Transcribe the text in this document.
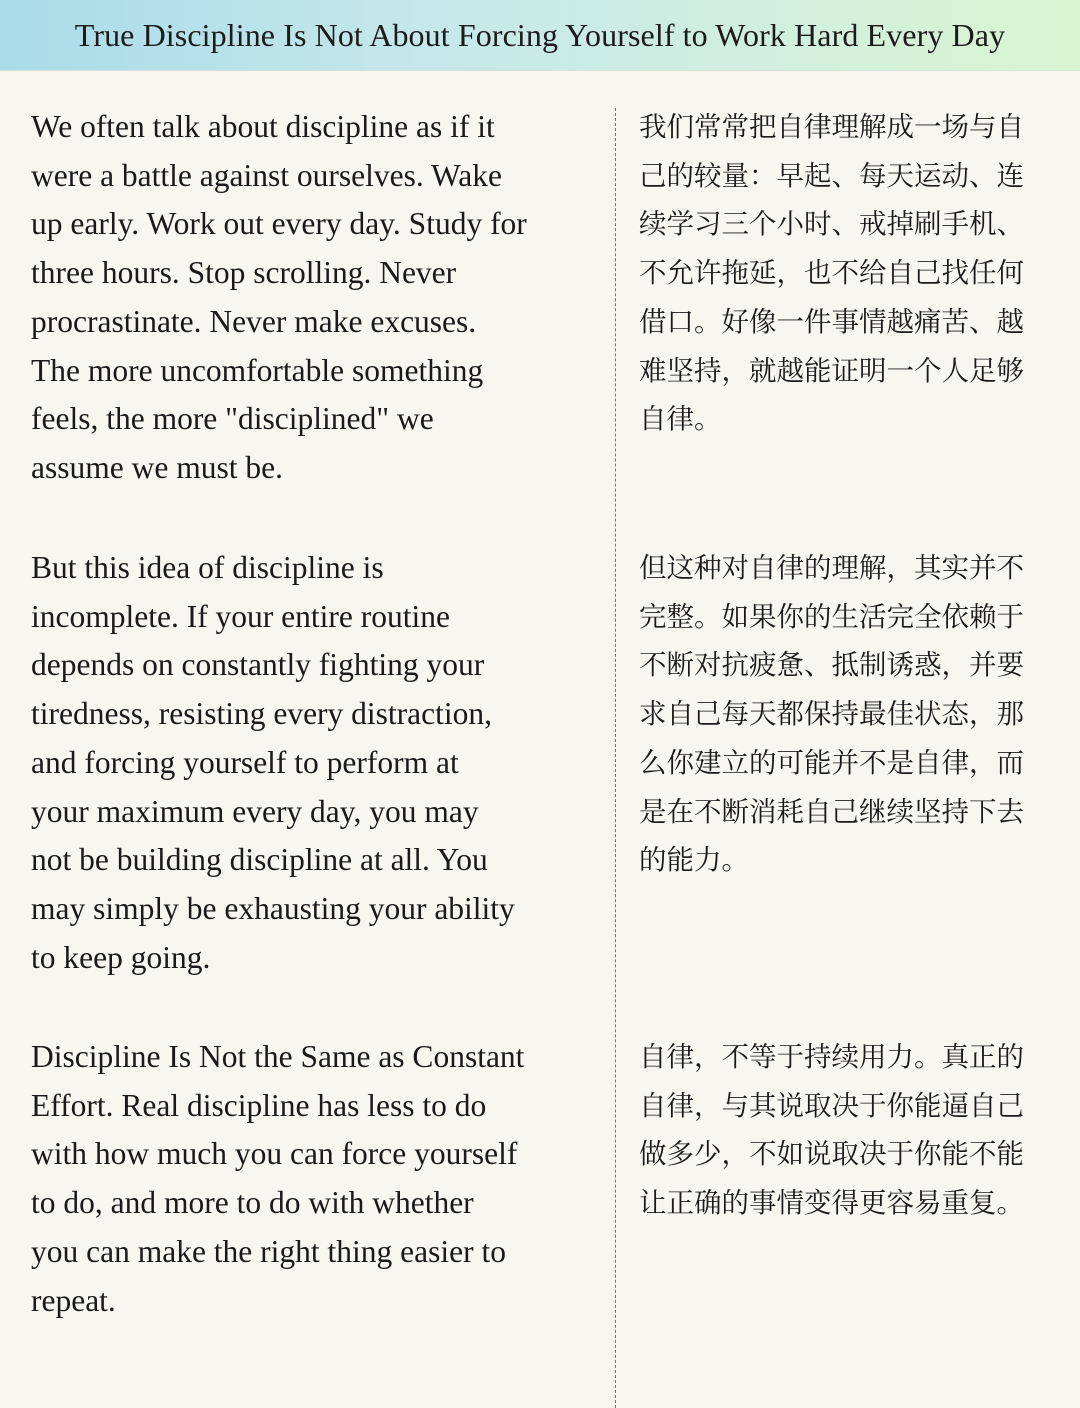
True Discipline Is Not About Forcing Yourself to Work Hard Every Day
We often talk about discipline as if it
were a battle against ourselves. Wake
up early. Work out every day. Study for
three hours. Stop scrolling. Never
procrastinate. Never make excuses.
The more uncomfortable something
feels, the more "disciplined" we
assume we must be.
But this idea of discipline is
incomplete. If your entire routine
depends on constantly fighting your
tiredness, resisting every distraction,
and forcing yourself to perform at
your maximum every day, you may
not be building discipline at all. You
may simply be exhausting your ability
to keep going.
Discipline Is Not the Same as Constant
Effort. Real discipline has less to do
with how much you can force yourself
to do, and more to do with whether
you can make the right thing easier to
repeat.
我们常常把自律理解成一场与自
己的较量：早起、每天运动、连
续学习三个小时、戒掉刷手机、
不允许拖延，也不给自己找任何
借口。好像一件事情越痛苦、越
难坚持，就越能证明一个人足够
自律。
但这种对自律的理解，其实并不
完整。如果你的生活完全依赖于
不断对抗疲惫、抵制诱惑，并要
求自己每天都保持最佳状态，那
么你建立的可能并不是自律，而
是在不断消耗自己继续坚持下去
的能力。
自律，不等于持续用力。真正的
自律，与其说取决于你能逼自己
做多少，不如说取决于你能不能
让正确的事情变得更容易重复。
